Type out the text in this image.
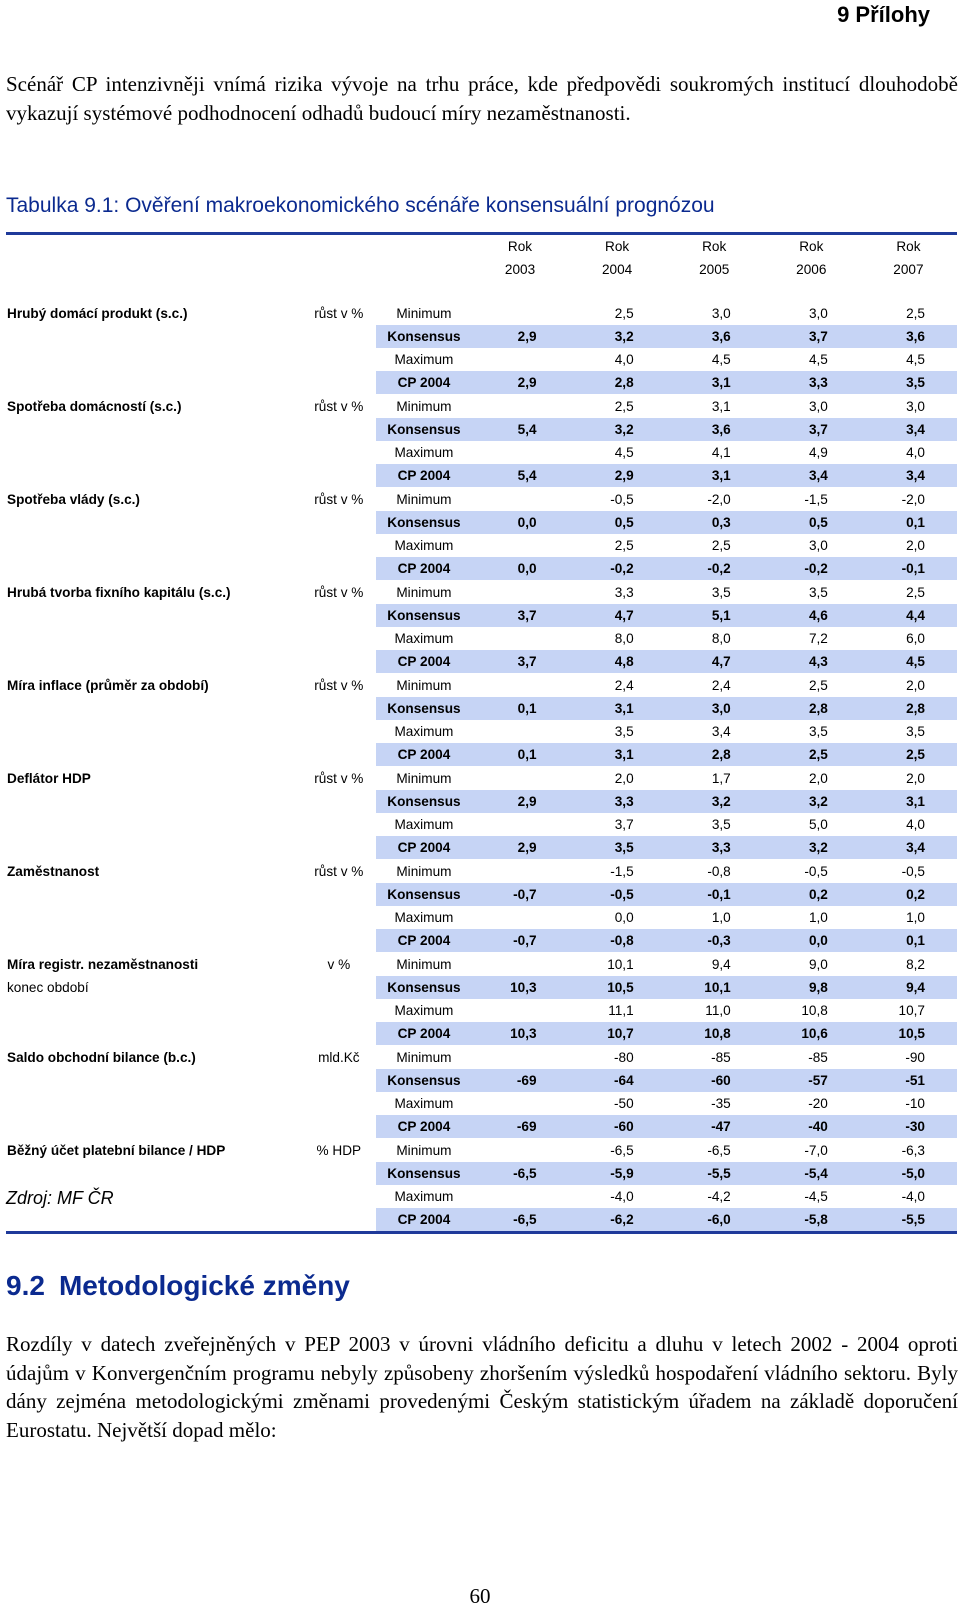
9 Přílohy

Scénář CP intenzivněji vnímá rizika vývoje na trhu práce, kde předpovědi soukromých institucí dlouhodobě vykazují systémové podhodnocení odhadů budoucí míry nezaměstnanosti.

Tabulka 9.1: Ověření makroekonomického scénáře konsensuální prognózou

			Rok	Rok	Rok	Rok	Rok
			2003	2004	2005	2006	2007

Hrubý domácí produkt (s.c.)	růst v %	Minimum		2,5	3,0	3,0	2,5
		Konsensus	2,9	3,2	3,6	3,7	3,6
		Maximum		4,0	4,5	4,5	4,5
		CP 2004	2,9	2,8	3,1	3,3	3,5
Spotřeba domácností (s.c.)	růst v %	Minimum		2,5	3,1	3,0	3,0
		Konsensus	5,4	3,2	3,6	3,7	3,4
		Maximum		4,5	4,1	4,9	4,0
		CP 2004	5,4	2,9	3,1	3,4	3,4
Spotřeba vlády (s.c.)	růst v %	Minimum		-0,5	-2,0	-1,5	-2,0
		Konsensus	0,0	0,5	0,3	0,5	0,1
		Maximum		2,5	2,5	3,0	2,0
		CP 2004	0,0	-0,2	-0,2	-0,2	-0,1
Hrubá tvorba fixního kapitálu (s.c.)	růst v %	Minimum		3,3	3,5	3,5	2,5
		Konsensus	3,7	4,7	5,1	4,6	4,4
		Maximum		8,0	8,0	7,2	6,0
		CP 2004	3,7	4,8	4,7	4,3	4,5
Míra inflace (průměr za období)	růst v %	Minimum		2,4	2,4	2,5	2,0
		Konsensus	0,1	3,1	3,0	2,8	2,8
		Maximum		3,5	3,4	3,5	3,5
		CP 2004	0,1	3,1	2,8	2,5	2,5
Deflátor HDP	růst v %	Minimum		2,0	1,7	2,0	2,0
		Konsensus	2,9	3,3	3,2	3,2	3,1
		Maximum		3,7	3,5	5,0	4,0
		CP 2004	2,9	3,5	3,3	3,2	3,4
Zaměstnanost	růst v %	Minimum		-1,5	-0,8	-0,5	-0,5
		Konsensus	-0,7	-0,5	-0,1	0,2	0,2
		Maximum		0,0	1,0	1,0	1,0
		CP 2004	-0,7	-0,8	-0,3	0,0	0,1
Míra registr. nezaměstnanosti	v %	Minimum		10,1	9,4	9,0	8,2
konec období		Konsensus	10,3	10,5	10,1	9,8	9,4
		Maximum		11,1	11,0	10,8	10,7
		CP 2004	10,3	10,7	10,8	10,6	10,5
Saldo obchodní bilance (b.c.)	mld.Kč	Minimum		-80	-85	-85	-90
		Konsensus	-69	-64	-60	-57	-51
		Maximum		-50	-35	-20	-10
		CP 2004	-69	-60	-47	-40	-30
Běžný účet platební bilance / HDP	% HDP	Minimum		-6,5	-6,5	-7,0	-6,3
		Konsensus	-6,5	-5,9	-5,5	-5,4	-5,0
		Maximum		-4,0	-4,2	-4,5	-4,0
		CP 2004	-6,5	-6,2	-6,0	-5,8	-5,5

Zdroj: MF ČR

9.2 Metodologické změny

Rozdíly v datech zveřejněných v PEP 2003 v úrovni vládního deficitu a dluhu v letech 2002 - 2004 oproti údajům v Konvergenčním programu nebyly způsobeny zhoršením výsledků hospodaření vládního sektoru. Byly dány zejména metodologickými změnami provedenými Českým statistickým úřadem na základě doporučení Eurostatu. Největší dopad mělo:

60
